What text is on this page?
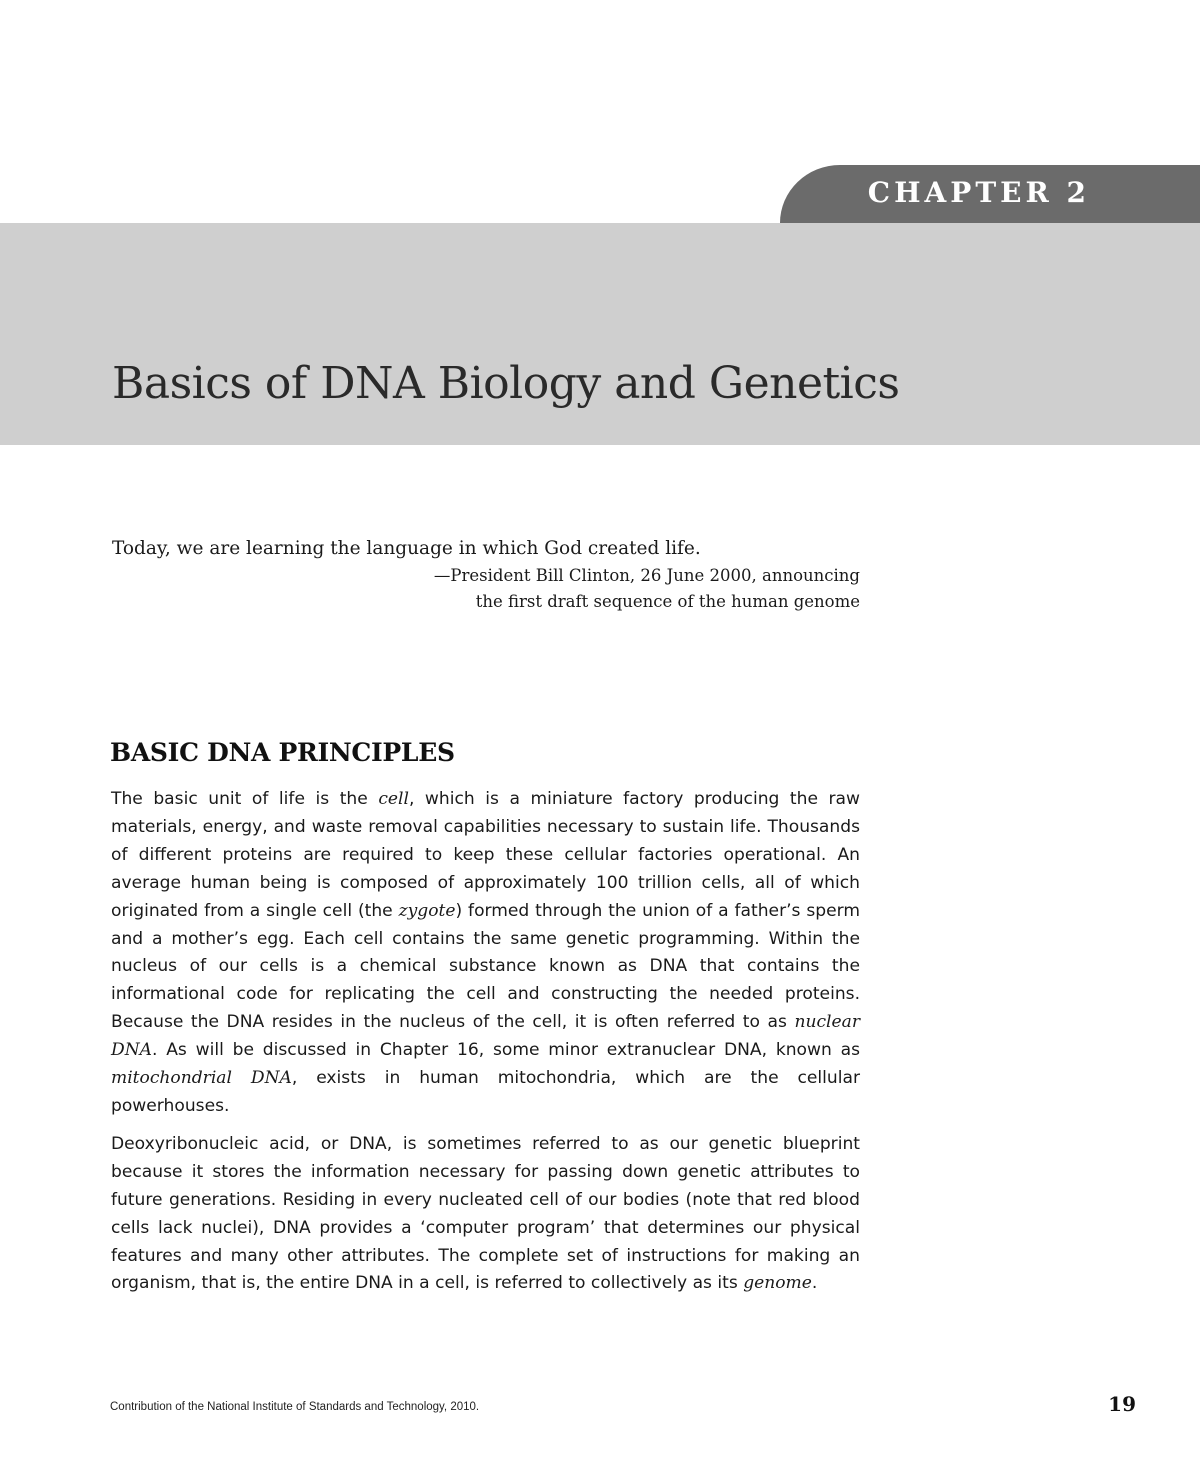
CHAPTER 2
Basics of DNA Biology and Genetics
Today, we are learning the language in which God created life.
—President Bill Clinton, 26 June 2000, announcing
the first draft sequence of the human genome
BASIC DNA PRINCIPLES

The basic unit of life is the cell, which is a miniature factory producing the raw materials, energy, and waste removal capabilities necessary to sustain life. Thousands of different proteins are required to keep these cellular factories operational. An average human being is composed of approximately 100 trillion cells, all of which originated from a single cell (the zygote) formed through the union of a father’s sperm and a mother’s egg. Each cell contains the same genetic programming. Within the nucleus of our cells is a chemical substance known as DNA that contains the informational code for replicating the cell and constructing the needed proteins. Because the DNA resides in the nucleus of the cell, it is often referred to as nuclear DNA. As will be discussed in Chapter 16, some minor extranuclear DNA, known as mitochondrial DNA, exists in human mitochondria, which are the cellular powerhouses.

Deoxyribonucleic acid, or DNA, is sometimes referred to as our genetic blueprint because it stores the information necessary for passing down genetic attributes to future generations. Residing in every nucleated cell of our bodies (note that red blood cells lack nuclei), DNA provides a ‘computer program’ that determines our physical features and many other attributes. The complete set of instructions for making an organism, that is, the entire DNA in a cell, is referred to collectively as its genome.

Contribution of the National Institute of Standards and Technology, 2010.	19
